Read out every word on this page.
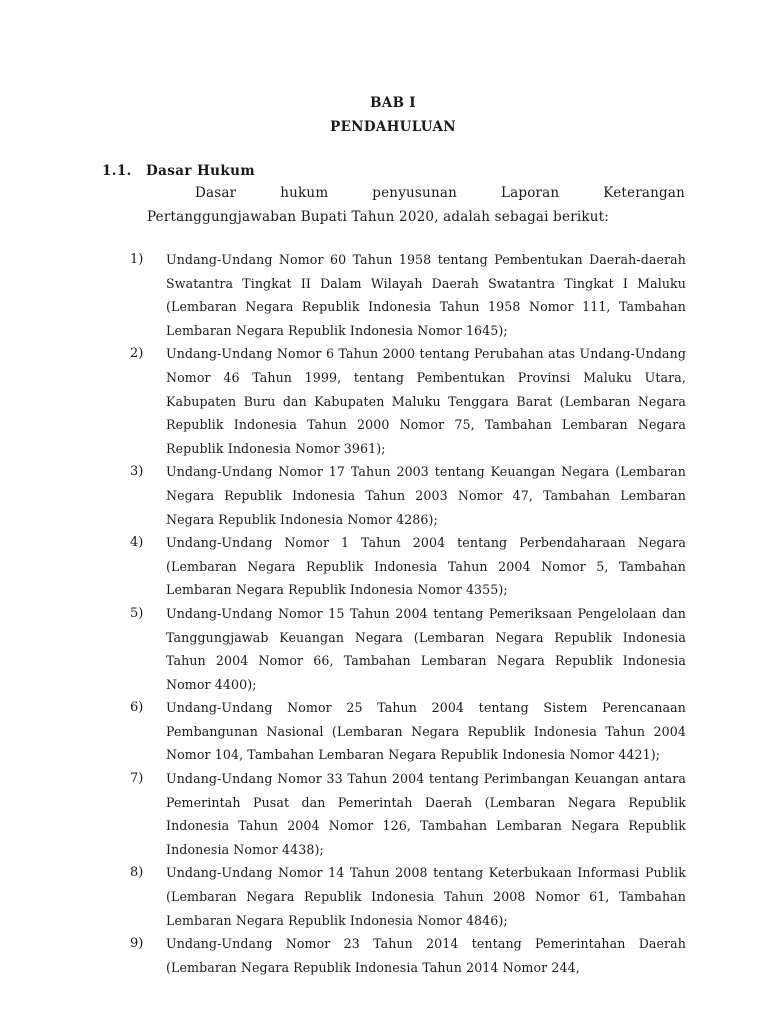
BAB I
PENDAHULUAN
1.1. Dasar Hukum
Dasar hukum penyusunan Laporan Keterangan
Pertanggungjawaban Bupati Tahun 2020, adalah sebagai berikut:
1)	Undang-Undang Nomor 60 Tahun 1958 tentang Pembentukan Daerah-daerah Swatantra Tingkat II Dalam Wilayah Daerah Swatantra Tingkat I Maluku (Lembaran Negara Republik Indonesia Tahun 1958 Nomor 111, Tambahan Lembaran Negara Republik Indonesia Nomor 1645);
2)	Undang-Undang Nomor 6 Tahun 2000 tentang Perubahan atas Undang-Undang Nomor 46 Tahun 1999, tentang Pembentukan Provinsi Maluku Utara, Kabupaten Buru dan Kabupaten Maluku Tenggara Barat (Lembaran Negara Republik Indonesia Tahun 2000 Nomor 75, Tambahan Lembaran Negara Republik Indonesia Nomor 3961);
3)	Undang-Undang Nomor 17 Tahun 2003 tentang Keuangan Negara (Lembaran Negara Republik Indonesia Tahun 2003 Nomor 47, Tambahan Lembaran Negara Republik Indonesia Nomor 4286);
4)	Undang-Undang Nomor 1 Tahun 2004 tentang Perbendaharaan Negara (Lembaran Negara Republik Indonesia Tahun 2004 Nomor 5, Tambahan Lembaran Negara Republik Indonesia Nomor 4355);
5)	Undang-Undang Nomor 15 Tahun 2004 tentang Pemeriksaan Pengelolaan dan Tanggungjawab Keuangan Negara (Lembaran Negara Republik Indonesia Tahun 2004 Nomor 66, Tambahan Lembaran Negara Republik Indonesia Nomor 4400);
6)	Undang-Undang Nomor 25 Tahun 2004 tentang Sistem Perencanaan Pembangunan Nasional (Lembaran Negara Republik Indonesia Tahun 2004 Nomor 104, Tambahan Lembaran Negara Republik Indonesia Nomor 4421);
7)	Undang-Undang Nomor 33 Tahun 2004 tentang Perimbangan Keuangan antara Pemerintah Pusat dan Pemerintah Daerah (Lembaran Negara Republik Indonesia Tahun 2004 Nomor 126, Tambahan Lembaran Negara Republik Indonesia Nomor 4438);
8)	Undang-Undang Nomor 14 Tahun 2008 tentang Keterbukaan Informasi Publik (Lembaran Negara Republik Indonesia Tahun 2008 Nomor 61, Tambahan Lembaran Negara Republik Indonesia Nomor 4846);
9)	Undang-Undang Nomor 23 Tahun 2014 tentang Pemerintahan Daerah (Lembaran Negara Republik Indonesia Tahun 2014 Nomor 244,
